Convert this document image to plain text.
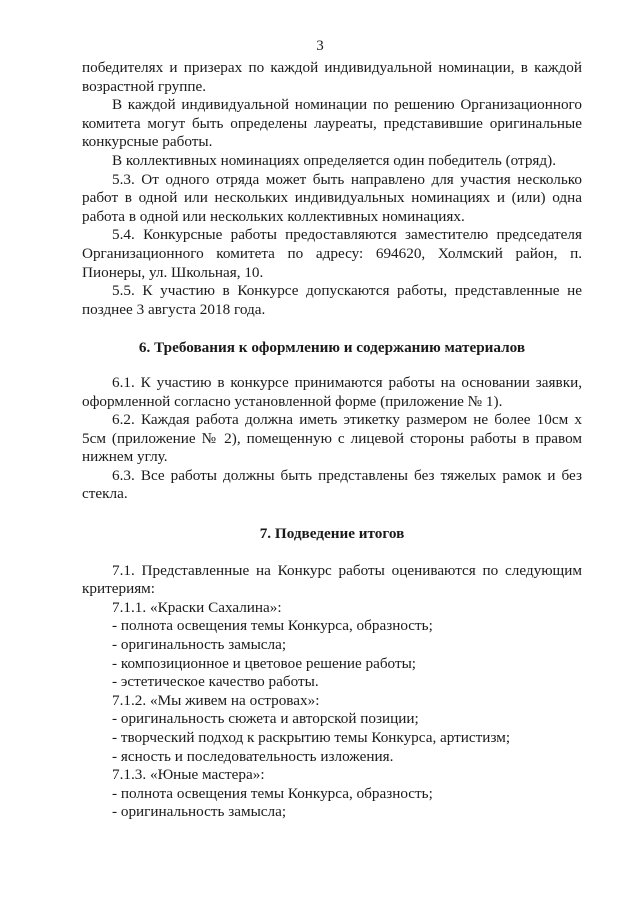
3

победителях и призерах по каждой индивидуальной номинации, в каждой возрастной группе.

В каждой индивидуальной номинации по решению Организационного комитета могут быть определены лауреаты, представившие оригинальные конкурсные работы.

В коллективных номинациях определяется один победитель (отряд).

5.3. От одного отряда может быть направлено для участия несколько работ в одной или нескольких индивидуальных номинациях и (или) одна работа в одной или нескольких коллективных номинациях.

5.4. Конкурсные работы предоставляются заместителю председателя Организационного комитета по адресу: 694620, Холмский район, п. Пионеры, ул. Школьная, 10.

5.5. К участию в Конкурсе допускаются работы, представленные не позднее 3 августа 2018 года.

6. Требования к оформлению и содержанию материалов

6.1. К участию в конкурсе принимаются работы на основании заявки, оформленной согласно установленной форме (приложение № 1).

6.2. Каждая работа должна иметь этикетку размером не более 10см х 5см (приложение № 2), помещенную с лицевой стороны работы в правом нижнем углу.

6.3. Все работы должны быть представлены без тяжелых рамок и без стекла.

7. Подведение итогов

7.1. Представленные на Конкурс работы оцениваются по следующим критериям:

7.1.1. «Краски Сахалина»:
- полнота освещения темы Конкурса, образность;
- оригинальность замысла;
- композиционное и цветовое решение работы;
- эстетическое качество работы.
7.1.2. «Мы живем на островах»:
- оригинальность сюжета и авторской позиции;
- творческий подход к раскрытию темы Конкурса, артистизм;
- ясность и последовательность изложения.
7.1.3. «Юные мастера»:
- полнота освещения темы Конкурса, образность;
- оригинальность замысла;
